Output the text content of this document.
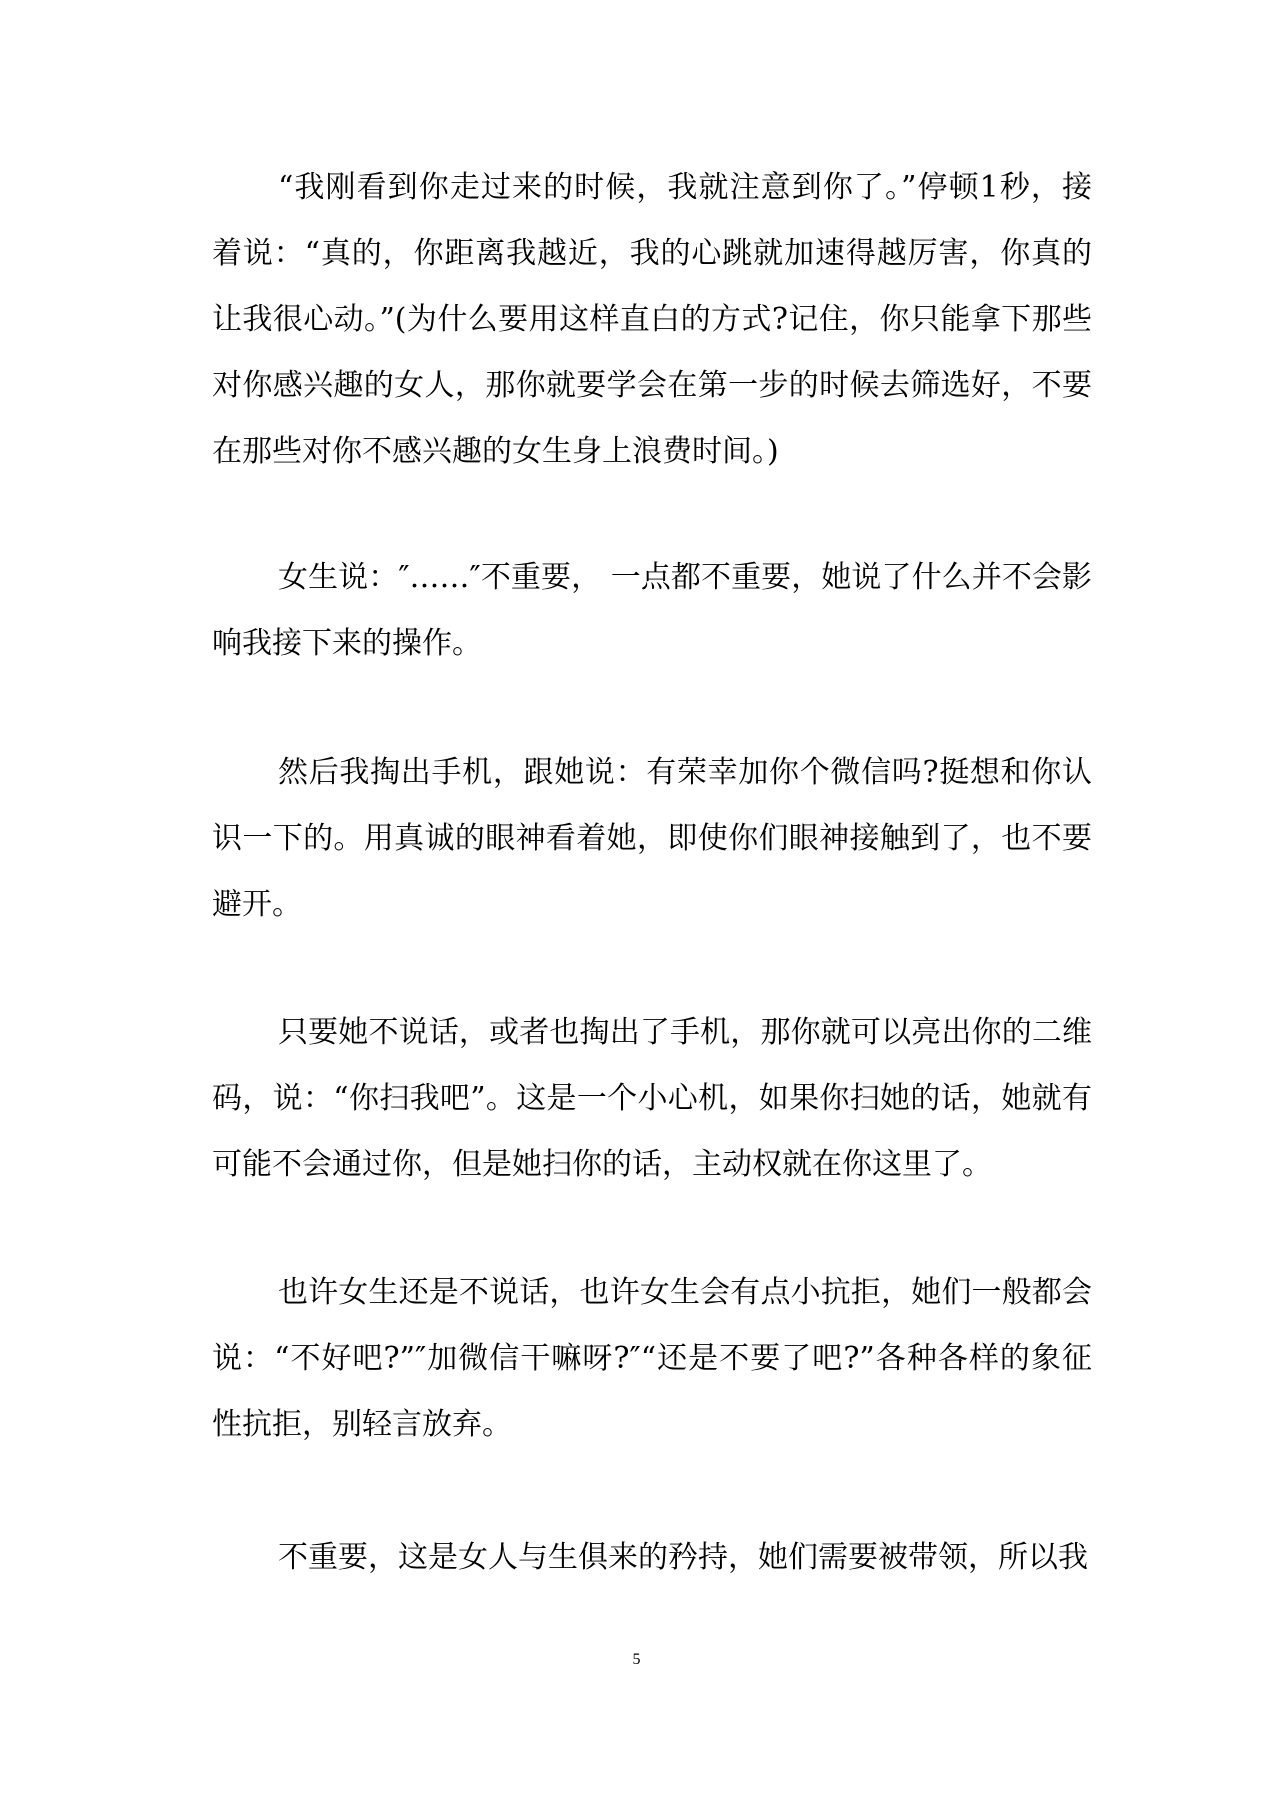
“我刚看到你走过来的时候，我就注意到你了。”停顿1秒，接着说：“真的，你距离我越近，我的心跳就加速得越厉害，你真的让我很心动。”(为什么要用这样直白的方式?记住，你只能拿下那些对你感兴趣的女人，那你就要学会在第一步的时候去筛选好，不要在那些对你不感兴趣的女生身上浪费时间。)

女生说：″……″不重要， 一点都不重要，她说了什么并不会影响我接下来的操作。

然后我掏出手机，跟她说：有荣幸加你个微信吗?挺想和你认识一下的。用真诚的眼神看着她，即使你们眼神接触到了，也不要避开。

只要她不说话，或者也掏出了手机，那你就可以亮出你的二维码，说：“你扫我吧”。这是一个小心机，如果你扫她的话，她就有可能不会通过你，但是她扫你的话，主动权就在你这里了。

也许女生还是不说话，也许女生会有点小抗拒，她们一般都会说：“不好吧?”″加微信干嘛呀?″“还是不要了吧?”各种各样的象征性抗拒，别轻言放弃。

不重要，这是女人与生俱来的矜持，她们需要被带领，所以我

5
